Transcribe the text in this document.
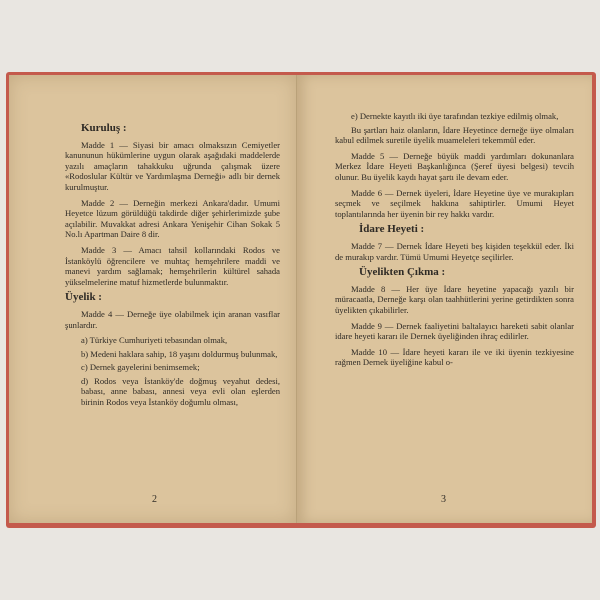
Kuruluş :

Madde 1 — Siyasi bir amacı olmaksızın Cemiyetler kanununun hükümlerine uygun olarak aşağıdaki maddelerde yazılı amaçların tahakkuku uğrunda çalışmak üzere «Rodoslular Kültür ve Yardımlaşma Derneği» adlı bir dernek kurulmuştur.

Madde 2 — Derneğin merkezi Ankara'dadır. Umumi Heyetce lüzum görüldüğü takdirde diğer şehirlerimizde şube açılabilir. Muvakkat adresi Ankara Yenişehir Cihan Sokak 5 No.lı Apartman Daire 8 dir.

Madde 3 — Amacı tahsil kollarındaki Rodos ve İstanköylü öğrencilere ve muhtaç hemşehrilere maddi ve manevi yardım sağlamak; hemşehrilerin kültürel sahada yükselmelerine matuf hizmetlerde bulunmaktır.

Üyelik :

Madde 4 — Derneğe üye olabilmek için aranan vasıflar şunlardır.

a) Türkiye Cumhuriyeti tebasından olmak,

b) Medeni haklara sahip, 18 yaşını doldurmuş bulunmak,

c) Dernek gayelerini benimsemek;

d) Rodos veya İstanköy'de doğmuş veyahut dedesi, babası, anne babası, annesi veya evli olan eşlerden birinin Rodos veya İstanköy doğumlu olması,

2

e) Dernekte kayıtlı iki üye tarafından tezkiye edilmiş olmak,

Bu şartları haiz olanların, İdare Heyetince derneğe üye olmaları kabul edilmek suretile üyelik muameleleri tekemmül eder.

Madde 5 — Derneğe büyük maddi yardımları dokunanlara Merkez İdare Heyeti Başkanlığınca (Şeref üyesi belgesi) tevcih olunur. Bu üyelik kaydı hayat şartı ile devam eder.

Madde 6 — Dernek üyeleri, İdare Heyetine üye ve murakıpları seçmek ve seçilmek hakkına sahiptirler. Umumi Heyet toplantılarında her üyenin bir rey hakkı vardır.

İdare Heyeti :

Madde 7 — Dernek İdare Heyeti beş kişiden teşekkül eder. İki de murakıp vardır. Tümü Umumi Heyetçe seçilirler.

Üyelikten Çıkma :

Madde 8 — Her üye İdare heyetine yapacağı yazılı bir müracaatla, Derneğe karşı olan taahhütlerini yerine getirdikten sonra üyelikten çıkabilirler.

Madde 9 — Dernek faaliyetini baltalayıcı hareketi sabit olanlar idare heyeti kararı ile Dernek üyeliğinden ihraç edilirler.

Madde 10 — İdare heyeti kararı ile ve iki üyenin tezkiyesine rağmen Dernek üyeliğine kabul o-

3
